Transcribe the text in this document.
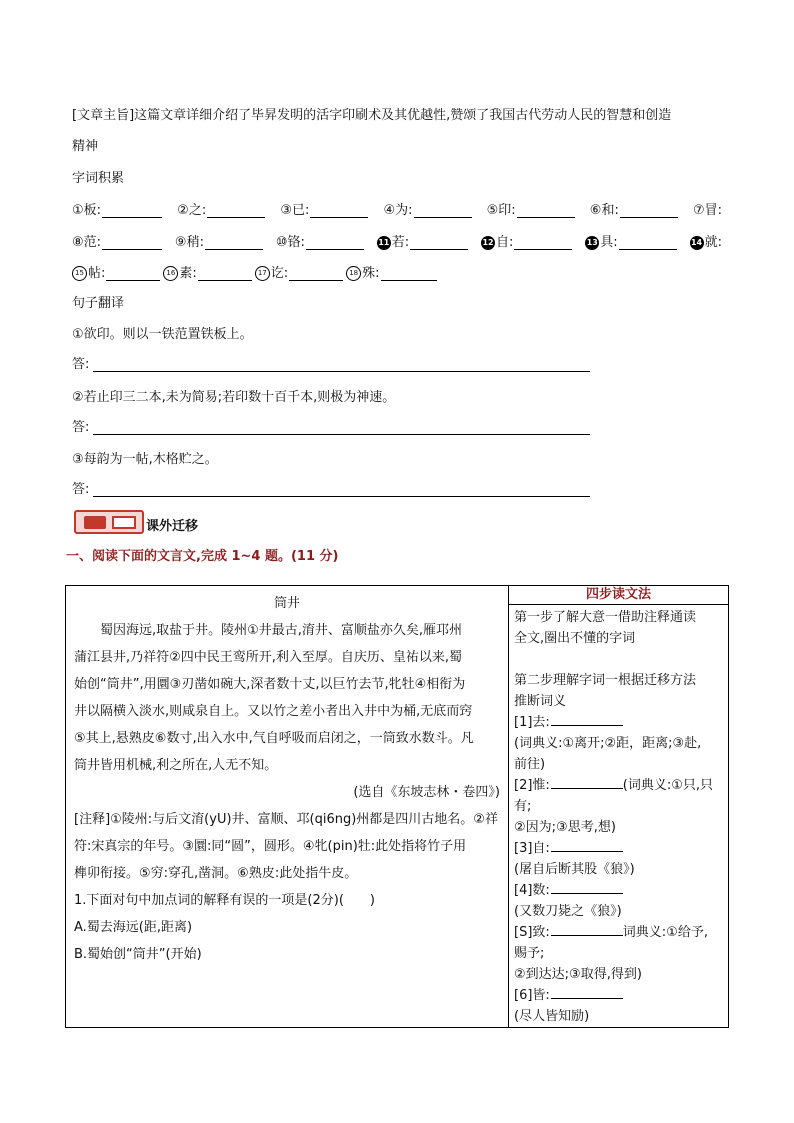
[文章主旨]这篇文章详细介绍了毕昇发明的活字印刷术及其优越性,赞颂了我国古代劳动人民的智慧和创造
精神
字词积累
① 板:	② 之:	③ 已:	④ 为:	⑤ 印:	⑥ 和:	⑦ 冒:
⑧ 范:	⑨ 稍:	⑩ 铬:	11 若:	12 自:	13 具:	14 就:
15 帖:	16 素:	17 讫:	18 殊:
句子翻译
①欲印。则以一铁范置铁板上。
答:
②若止印三二本,未为简易;若印数十百千本,则极为神速。
答:
③每韵为一帖,木格贮之。
答:
课外迁移
一、阅读下面的文言文,完成 1~4 题。(11 分)
筒井
蜀因海远,取盐于井。陵州①井最古,淯井、富顺盐亦久矣,雁邛州
蒲江县井,乃祥符②四中民王鸾所开,利入至厚。自庆历、皇祐以来,蜀
始创“筒井”,用圜③刃凿如碗大,深者数十丈,以巨竹去节,牝牡④相衔为
井以隔横入淡水,则咸泉自上。又以竹之差小者出入井中为桶,无底而窍
⑤其上,悬熟皮⑥数寸,出入水中,气自呼吸而启闭之，一筒致水数斗。凡
筒井皆用机械,利之所在,人无不知。
(选自《东坡志林・卷四》)
[注释]①陵州:与后文淯(yU)井、富顺、邛(qi6ng)州都是四川古地名。②祥
符:宋真宗的年号。③圜:同“圆”，圆形。④牝(pin)牡:此处指将竹子用
榫卯衔接。⑤穷:穿孔,凿洞。⑥熟皮:此处指牛皮。
1.下面对句中加点词的解释有误的一项是(2分)(  )
A.蜀去海远(距,距离)
B.蜀始创“筒井”(开始)

四步读文法
第一步了解大意一借助注释通读
全文,圈出不懂的字词
第二步理解字词一根据迁移方法
推断词义
[1]去:
(词典义:①离开;②距，距离;③赴,
前往)
[2]惟:	(词典义:①只,只
有;
②因为;③思考,想)
[3]自:
(屠自后断其股《狼》)
[4]数:
(又数刀毙之《狼》)
[S]致:	词典义:①给予,
赐予;
②到达达;③取得,得到)
[6]皆:
(尽人皆知励)
